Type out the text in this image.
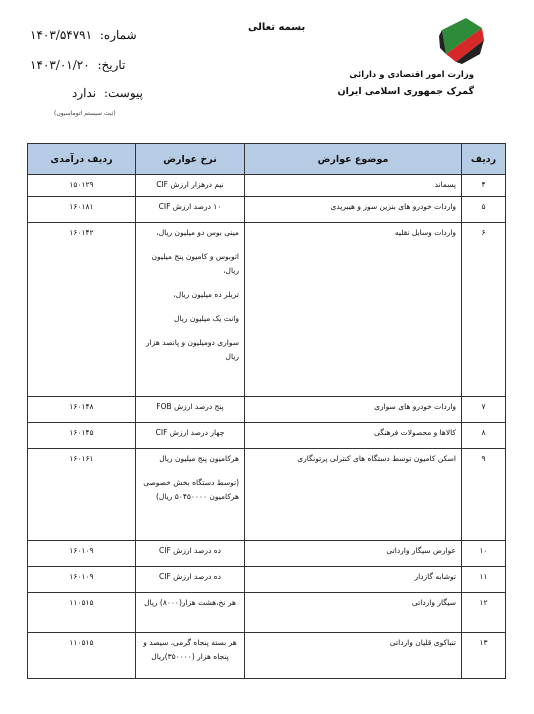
بسمه تعالی
شماره: ۱۴۰۳/۵۴۷۹۱
تاریخ: ۱۴۰۳/۰۱/۲۰
پیوست: ندارد
(ثبت سیستم اتوماسیون)
وزارت امور اقتصادی و دارائی
گمرک جمهوری اسلامی ایران
ردیف	موضوع عوارض	نرخ عوارض	ردیف درآمدی
۴	پسماند	نیم درهزار ارزش CIF	۱۵۰۱۲۹
۵	واردات خودرو های بنزین سوز و هیبریدی	۱۰ درصد ارزش CIF	۱۶۰۱۸۱
۶	واردات وسایل نقلیه	مینی بوس دو میلیون ریال،
اتوبوس و کامیون پنج میلیون ریال،
تریلر ده میلیون ریال،
وانت یک میلیون ریال
سواری دومیلیون و پانصد هزار ریال	۱۶۰۱۴۲
۷	واردات خودرو های سواری	پنج درصد ارزش FOB	۱۶۰۱۴۸
۸	کالاها و محصولات فرهنگی	چهار درصد ارزش CIF	۱۶۰۱۴۵
۹	اسکن کامیون توسط دستگاه های کنترلی پرتونگاری	هرکامیون پنج میلیون ریال
(توسط دستگاه بخش خصوصی هرکامیون ۵۰۴۵۰۰۰۰ ریال)	۱۶۰۱۶۱
۱۰	عوارض سیگار وارداتی	ده درصد ارزش CIF	۱۶۰۱۰۹
۱۱	توشابه گازدار	ده درصد ارزش CIF	۱۶۰۱۰۹
۱۲	سیگار وارداتی	هر نخ،هشت هزار(۸۰۰۰) ریال	۱۱۰۵۱۵
۱۳	تنباکوی قلیان وارداتی	هر بسته پنجاه گرمی، سیصد و پنجاه هزار (۳۵۰۰۰۰)ریال	۱۱۰۵۱۵
